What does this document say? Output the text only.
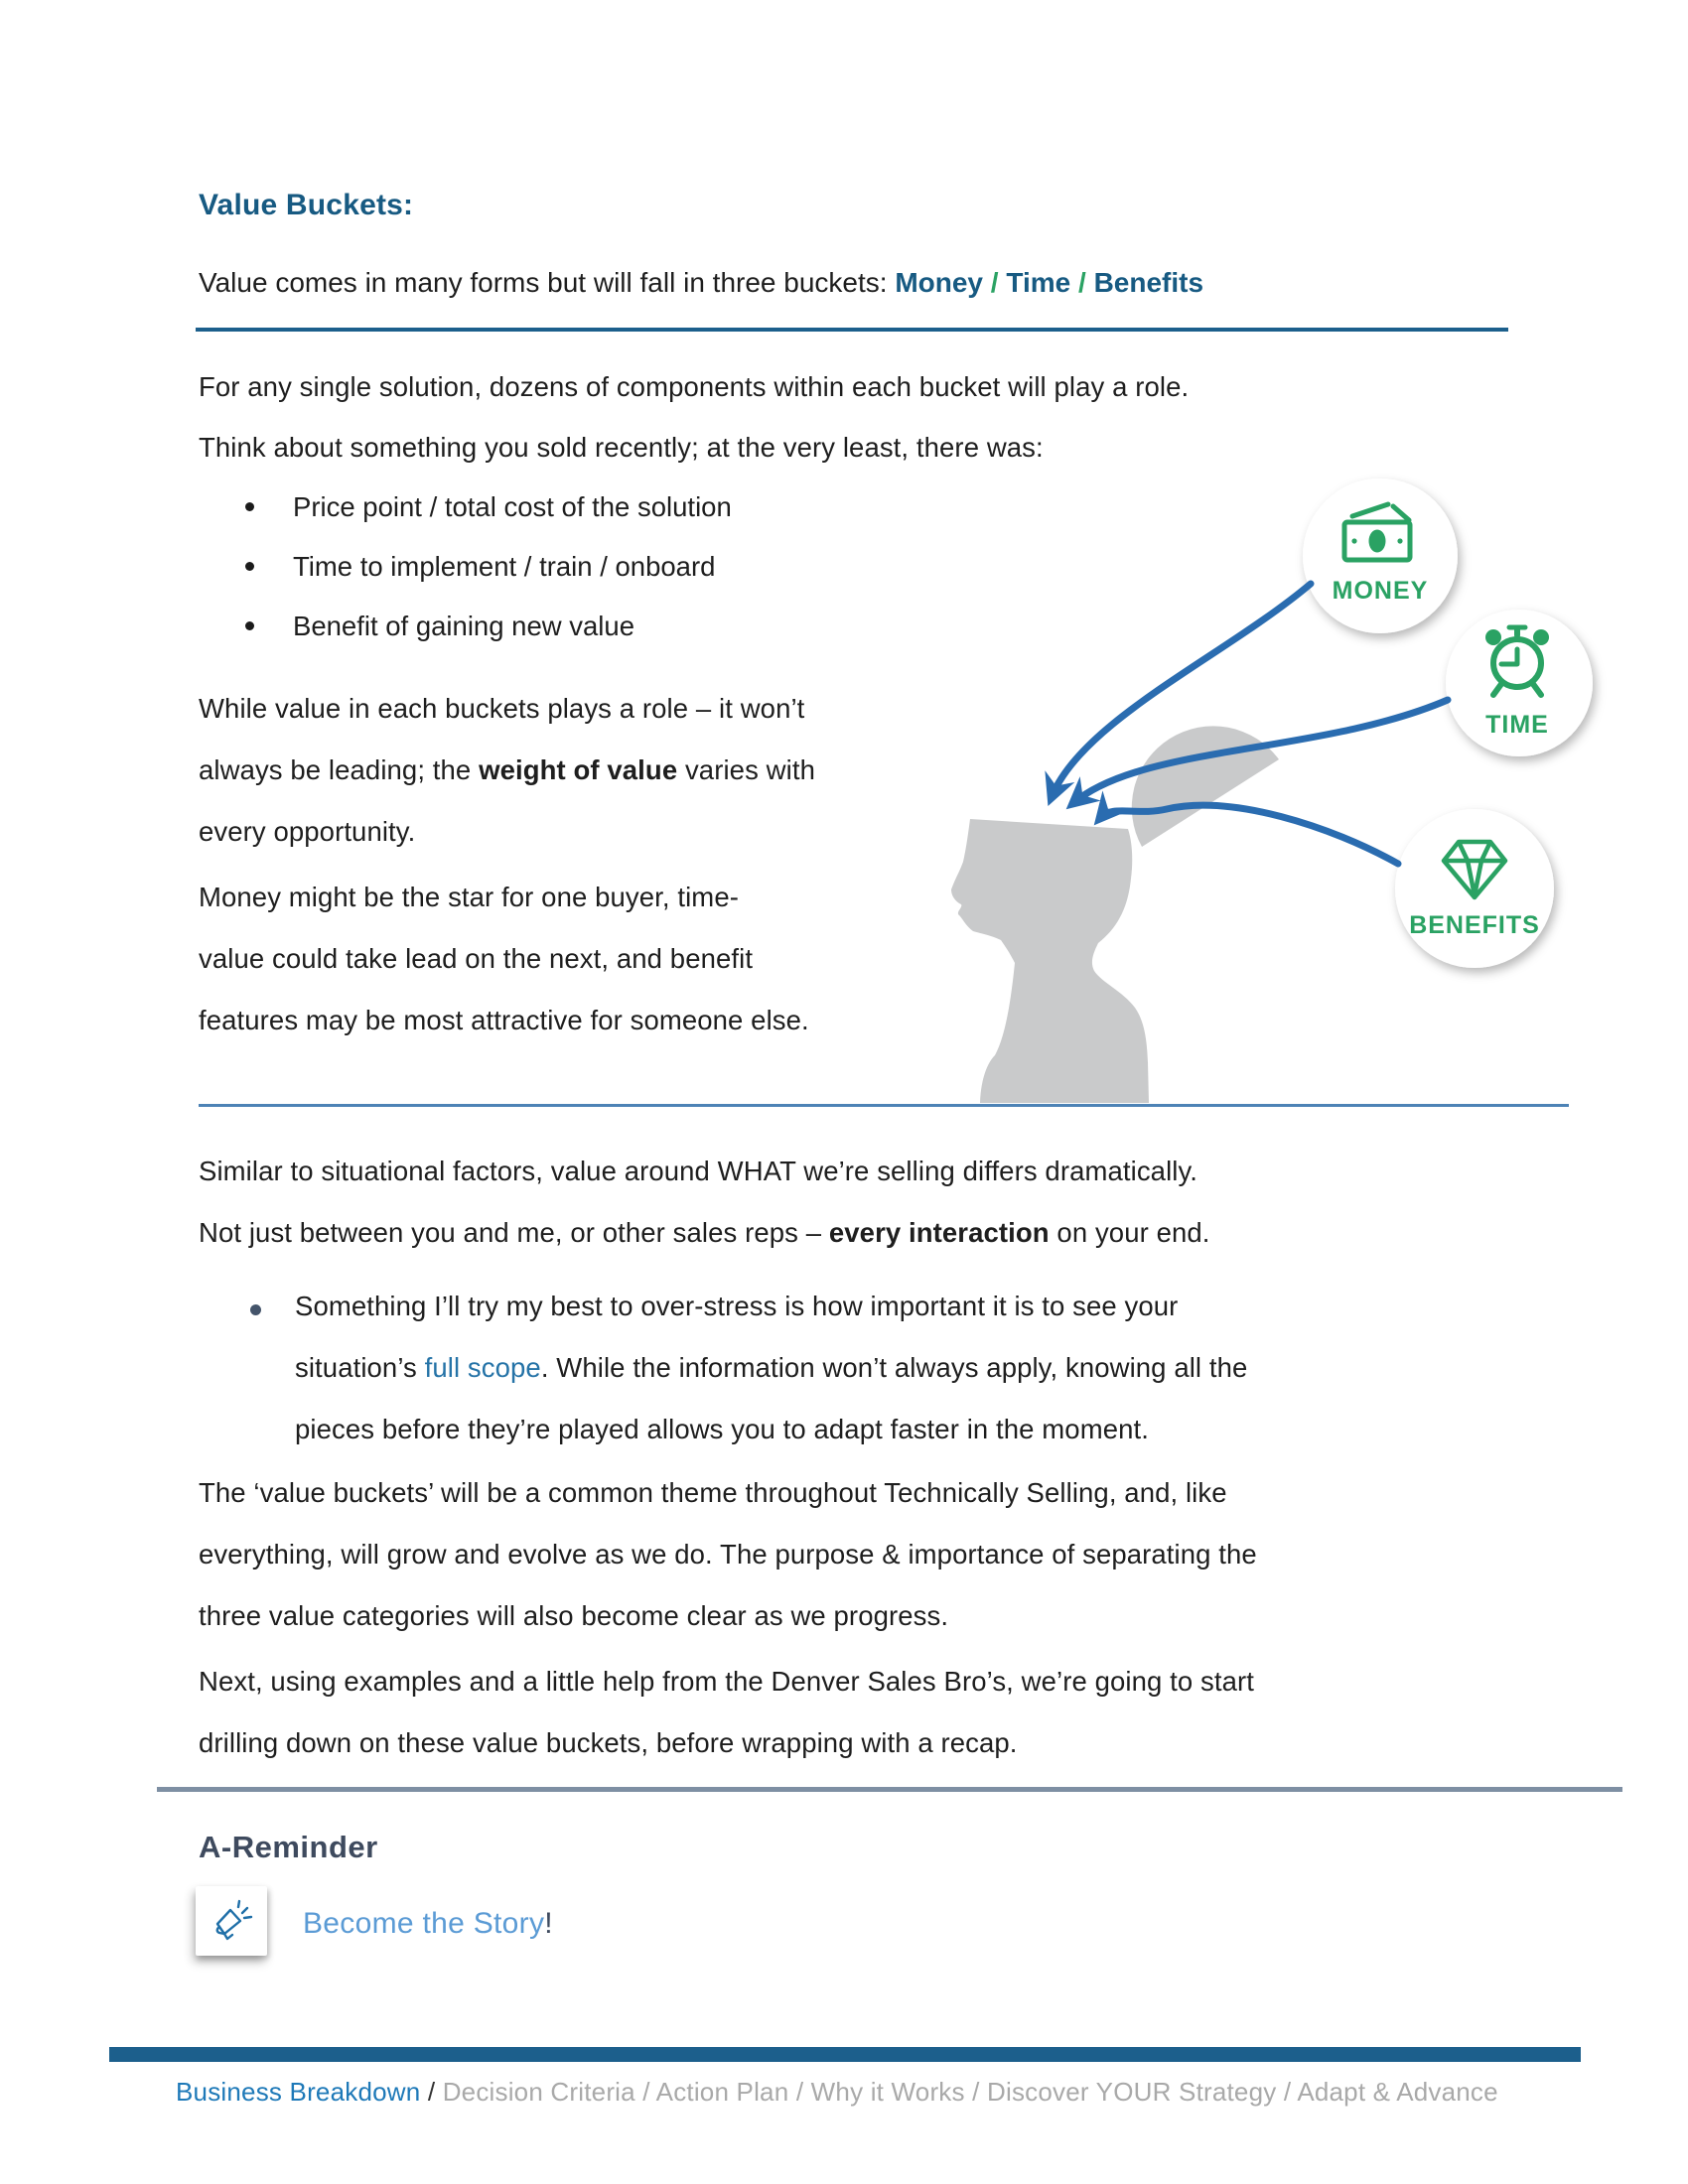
Value Buckets:

Value comes in many forms but will fall in three buckets: Money / Time / Benefits

For any single solution, dozens of components within each bucket will play a role.

Think about something you sold recently; at the very least, there was:

Price point / total cost of the solution
Time to implement / train / onboard
Benefit of gaining new value

While value in each buckets plays a role – it won’t
always be leading; the weight of value varies with
every opportunity.

Money might be the star for one buyer, time-
value could take lead on the next, and benefit
features may be most attractive for someone else.

MONEY
TIME
BENEFITS

Similar to situational factors, value around WHAT we’re selling differs dramatically.
Not just between you and me, or other sales reps – every interaction on your end.

Something I’ll try my best to over-stress is how important it is to see your
situation’s full scope. While the information won’t always apply, knowing all the
pieces before they’re played allows you to adapt faster in the moment.

The ‘value buckets’ will be a common theme throughout Technically Selling, and, like
everything, will grow and evolve as we do. The purpose & importance of separating the
three value categories will also become clear as we progress.

Next, using examples and a little help from the Denver Sales Bro’s, we’re going to start
drilling down on these value buckets, before wrapping with a recap.

A-Reminder

Become the Story!

Business Breakdown / Decision Criteria / Action Plan / Why it Works / Discover YOUR Strategy / Adapt & Advance
